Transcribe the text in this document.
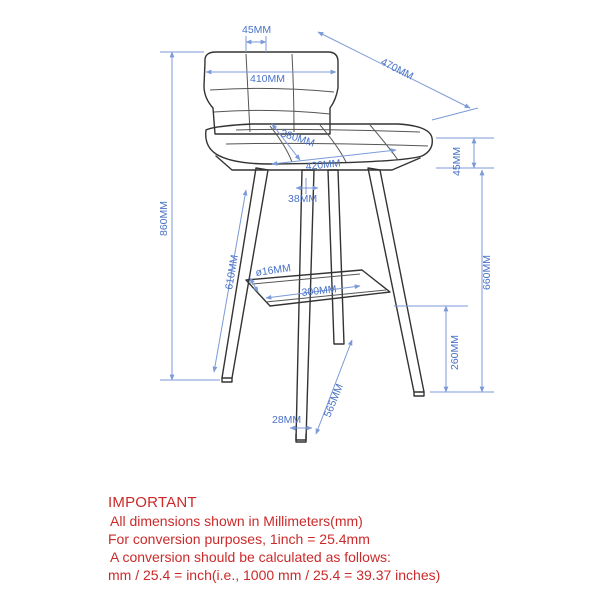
45MM
410MM	470MM
380MM
420MM
38MM
860MM
45MM
660MM
260MM
610MM ø16MM
300MM
565MM
28MM
IMPORTANT

All dimensions shown in Millimeters(mm)

For conversion purposes, 1inch = 25.4mm

A conversion should be calculated as follows:

mm / 25.4 = inch(i.e., 1000 mm / 25.4 = 39.37 inches)
